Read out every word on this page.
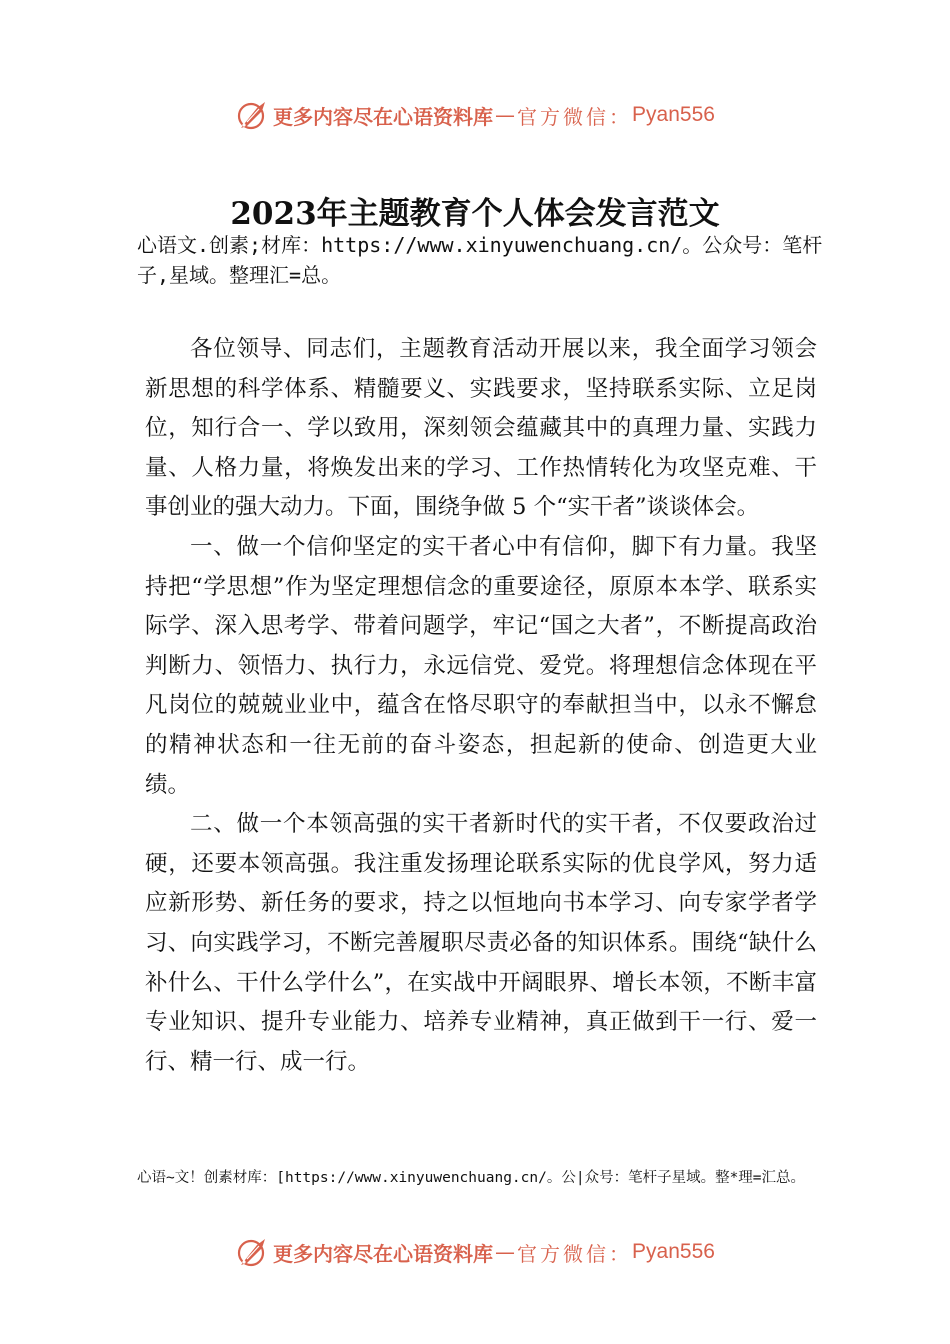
更多内容尽在心语资料库 — 官方微信： Pyan556
2023年主题教育个人体会发言范文
心语文.创素;材库：https://www.xinyuwenchuang.cn/。公众号：笔杆子,星域。整理汇=总。

各位领导、同志们，主题教育活动开展以来，我全面学习领会新思想的科学体系、精髓要义、实践要求，坚持联系实际、立足岗位，知行合一、学以致用，深刻领会蕴藏其中的真理力量、实践力量、人格力量，将焕发出来的学习、工作热情转化为攻坚克难、干事创业的强大动力。下面，围绕争做 5 个“实干者”谈谈体会。

一、做一个信仰坚定的实干者心中有信仰，脚下有力量。我坚持把“学思想”作为坚定理想信念的重要途径，原原本本学、联系实际学、深入思考学、带着问题学，牢记“国之大者”，不断提高政治判断力、领悟力、执行力，永远信党、爱党。将理想信念体现在平凡岗位的兢兢业业中，蕴含在恪尽职守的奉献担当中，以永不懈怠的精神状态和一往无前的奋斗姿态，担起新的使命、创造更大业绩。

二、做一个本领高强的实干者新时代的实干者，不仅要政治过硬，还要本领高强。我注重发扬理论联系实际的优良学风，努力适应新形势、新任务的要求，持之以恒地向书本学习、向专家学者学习、向实践学习，不断完善履职尽责必备的知识体系。围绕“缺什么补什么、干什么学什么”，在实战中开阔眼界、增长本领，不断丰富专业知识、提升专业能力、培养专业精神，真正做到干一行、爱一行、精一行、成一行。

心语~文！创素材库：[https://www.xinyuwenchuang.cn/。公|众号：笔杆子星域。整*理=汇总。
更多内容尽在心语资料库 — 官方微信： Pyan556
